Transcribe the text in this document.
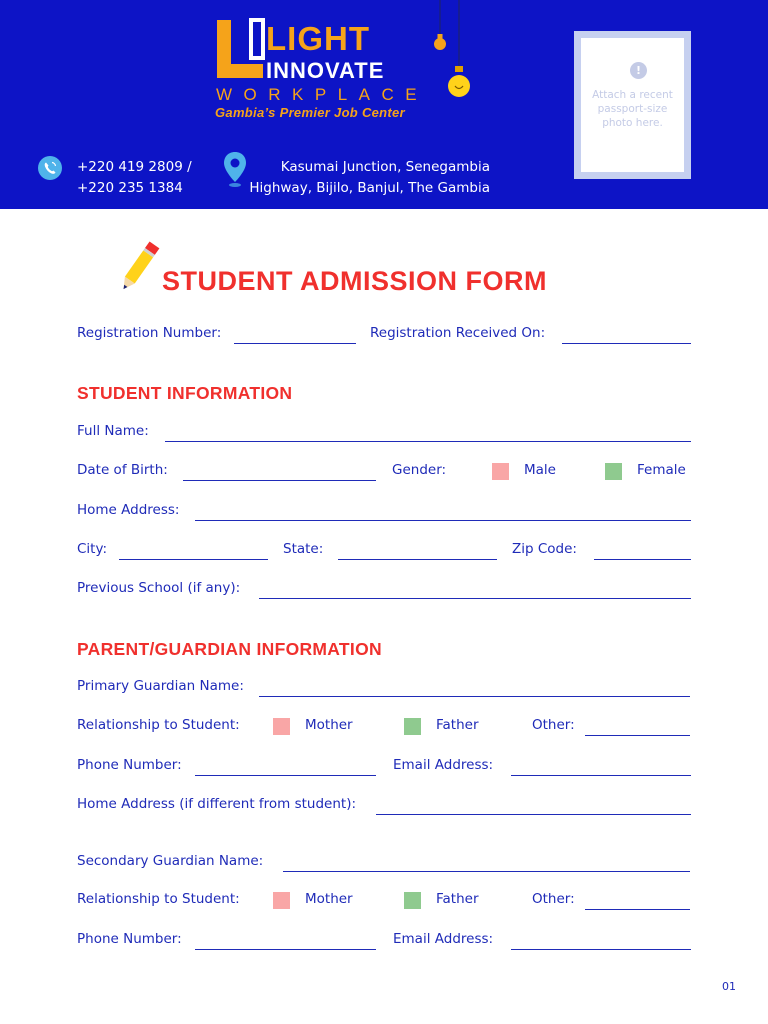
LIGHT
INNOVATE
WORKPLACE
Gambia’s Premier Job Center
+220 419 2809 /
+220 235 1384
Kasumai Junction, Senegambia
Highway, Bijilo, Banjul, The Gambia
!
Attach a recent passport-size photo here.
STUDENT ADMISSION FORM
Registration Number:	Registration Received On:
STUDENT INFORMATION
Full Name:
Date of Birth:	Gender:	Male	Female
Home Address:
City:	State:	Zip Code:
Previous School (if any):
PARENT/GUARDIAN INFORMATION
Primary Guardian Name:
Relationship to Student:	Mother	Father	Other:
Phone Number:	Email Address:
Home Address (if different from student):
Secondary Guardian Name:
Relationship to Student:	Mother	Father	Other:
Phone Number:	Email Address:
01
